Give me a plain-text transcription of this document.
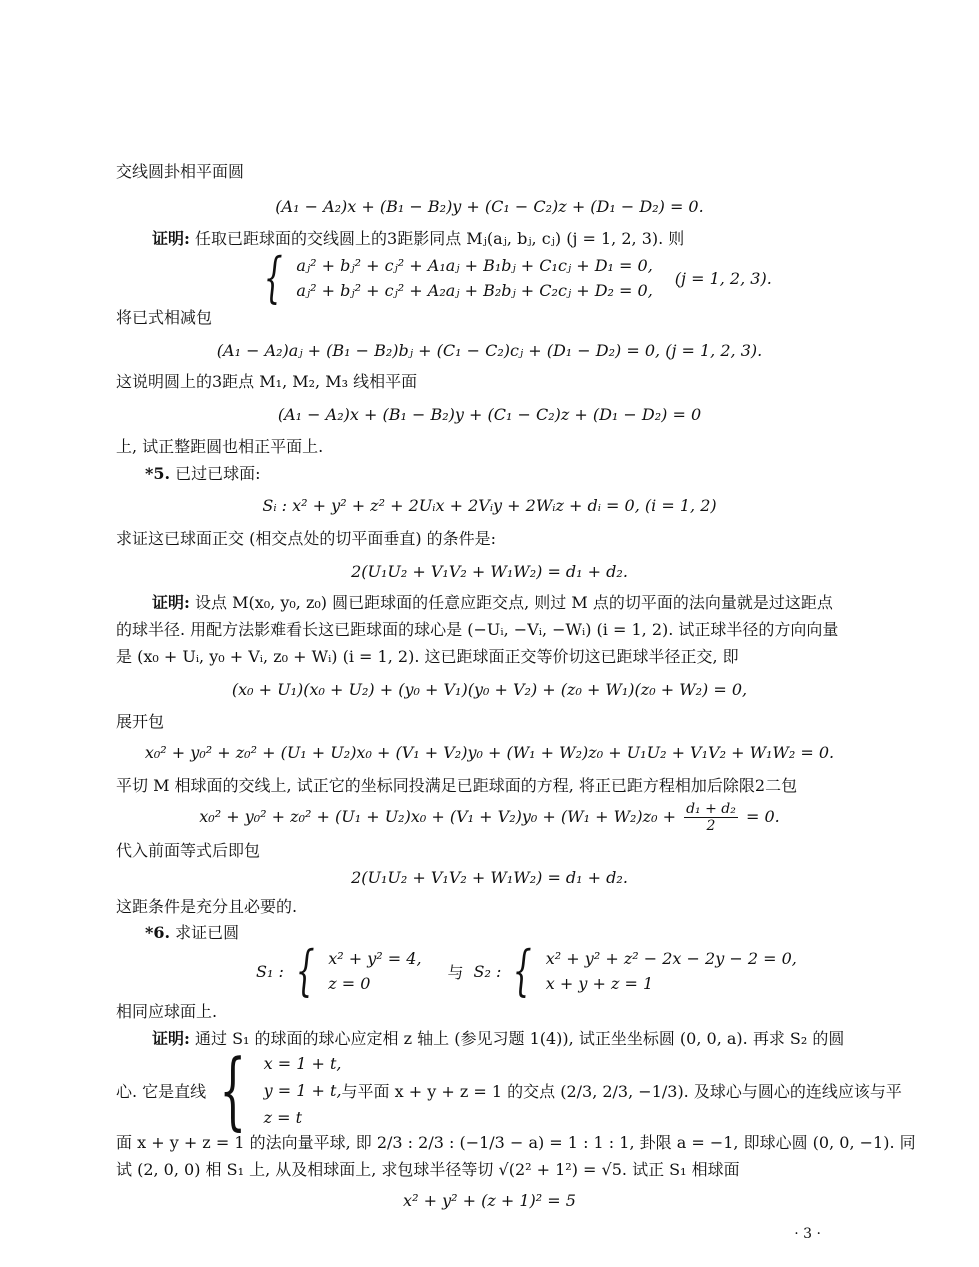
交线圆卦相平面圆
(A₁ − A₂)x + (B₁ − B₂)y + (C₁ − C₂)z + (D₁ − D₂) = 0.
证明: 任取已距球面的交线圆上的3距影同点 Mⱼ(aⱼ, bⱼ, cⱼ) (j = 1, 2, 3). 则
{ aⱼ² + bⱼ² + cⱼ² + A₁aⱼ + B₁bⱼ + C₁cⱼ + D₁ = 0,
aⱼ² + bⱼ² + cⱼ² + A₂aⱼ + B₂bⱼ + C₂cⱼ + D₂ = 0,
(j = 1, 2, 3).
将已式相减包
(A₁ − A₂)aⱼ + (B₁ − B₂)bⱼ + (C₁ − C₂)cⱼ + (D₁ − D₂) = 0, (j = 1, 2, 3).
这说明圆上的3距点 M₁, M₂, M₃ 线相平面
(A₁ − A₂)x + (B₁ − B₂)y + (C₁ − C₂)z + (D₁ − D₂) = 0
上, 试正整距圆也相正平面上.
*5. 已过已球面:
Sᵢ : x² + y² + z² + 2Uᵢx + 2Vᵢy + 2Wᵢz + dᵢ = 0, (i = 1, 2)
求证这已球面正交 (相交点处的切平面垂直) 的条件是:
2(U₁U₂ + V₁V₂ + W₁W₂) = d₁ + d₂.
证明: 设点 M(x₀, y₀, z₀) 圆已距球面的任意应距交点, 则过 M 点的切平面的法向量就是过这距点
的球半径. 用配方法影难看长这已距球面的球心是 (−Uᵢ, −Vᵢ, −Wᵢ) (i = 1, 2). 试正球半径的方向向量
是 (x₀ + Uᵢ, y₀ + Vᵢ, z₀ + Wᵢ) (i = 1, 2). 这已距球面正交等价切这已距球半径正交, 即
(x₀ + U₁)(x₀ + U₂) + (y₀ + V₁)(y₀ + V₂) + (z₀ + W₁)(z₀ + W₂) = 0,
展开包
x₀² + y₀² + z₀² + (U₁ + U₂)x₀ + (V₁ + V₂)y₀ + (W₁ + W₂)z₀ + U₁U₂ + V₁V₂ + W₁W₂ = 0.
平切 M 相球面的交线上, 试正它的坐标同投满足已距球面的方程, 将正已距方程相加后除限2二包
$x_0^2 + y_0^2 + z_0^2 + (U_1 + U_2)x_0 + (V_1 + V_2)y_0 + (W_1 + W_2)z_0 + \frac{\text{d₁ + d₂}}{2} = 0$.
代入前面等式后即包
2(U₁U₂ + V₁V₂ + W₁W₂) = d₁ + d₂.
这距条件是充分且必要的.
*6. 求证已圆
S₁ : { x² + y² = 4,
z = 0
与 S₂ : { x² + y² + z² − 2x − 2y − 2 = 0,
x + y + z = 1
相同应球面上.
证明: 通过 S₁ 的球面的球心应定相 z 轴上 (参见习题 1(4)), 试正坐坐标圆 (0, 0, a). 再求 S₂ 的圆
心. 它是直线 { x = 1 + t,
y = 1 + t,
z = t
与平面 x + y + z = 1 的交点 (2/3, 2/3, −1/3). 及球心与圆心的连线应该与平
面 x + y + z = 1 的法向量平球, 即 2/3 : 2/3 : (−1/3 − a) = 1 : 1 : 1, 卦限 a = −1, 即球心圆 (0, 0, −1). 同
试 (2, 0, 0) 相 S₁ 上, 从及相球面上, 求包球半径等切 √(2² + 1²) = √5. 试正 S₁ 相球面
x² + y² + (z + 1)² = 5
· 3 ·
